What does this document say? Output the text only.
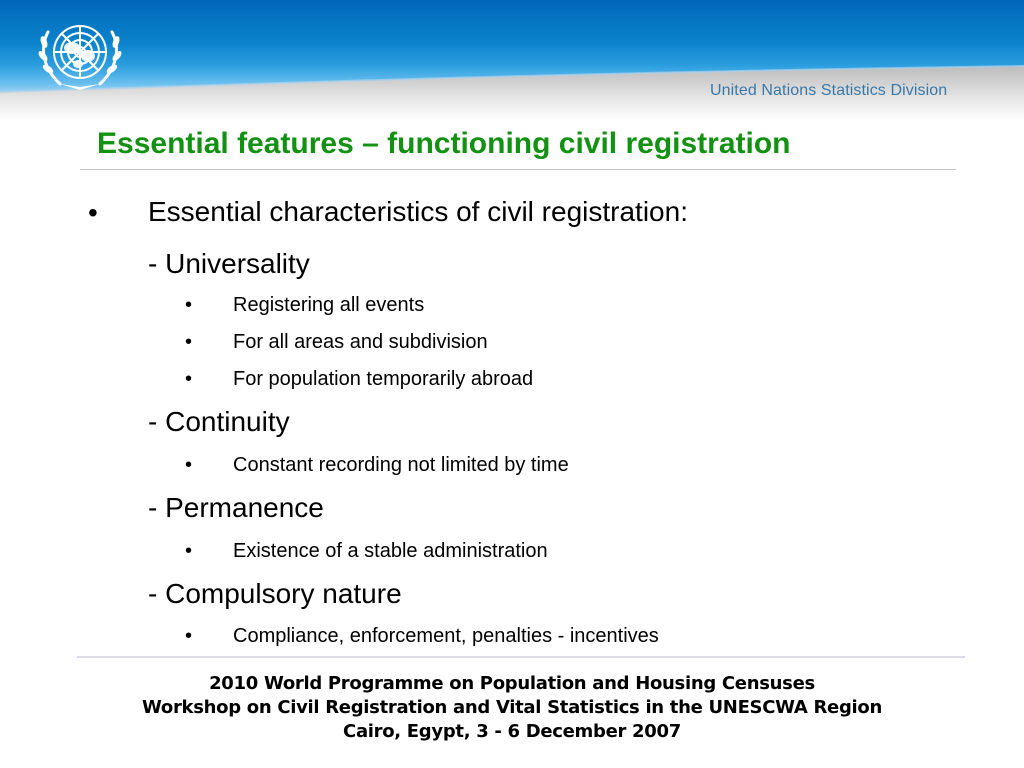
United Nations Statistics Division
Essential features – functioning civil registration
• Essential characteristics of civil registration:
- Universality
• Registering all events
• For all areas and subdivision
• For population temporarily abroad
- Continuity
• Constant recording not limited by time
- Permanence
• Existence of a stable administration
- Compulsory nature
• Compliance, enforcement, penalties - incentives
2010 World Programme on Population and Housing Censuses
Workshop on Civil Registration and Vital Statistics in the UNESCWA Region
Cairo, Egypt, 3 - 6 December 2007
